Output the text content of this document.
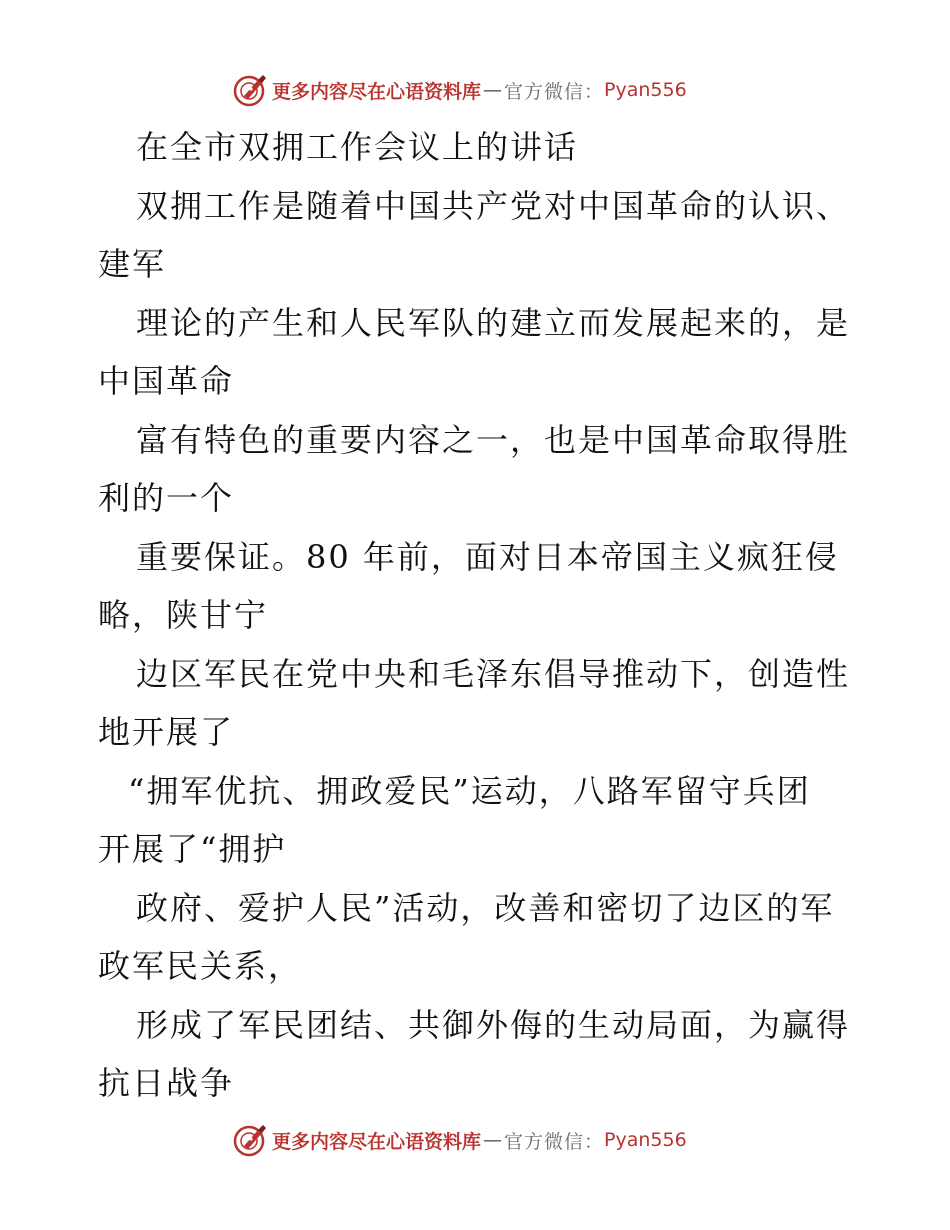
更多内容尽在心语资料库 — 官方微信： Pyan556
在全市双拥工作会议上的讲话
双拥工作是随着中国共产党对中国革命的认识、
建军
理论的产生和人民军队的建立而发展起来的，是
中国革命
富有特色的重要内容之一，也是中国革命取得胜
利的一个
重要保证。80 年前，面对日本帝国主义疯狂侵
略，陕甘宁
边区军民在党中央和毛泽东倡导推动下，创造性
地开展了
“拥军优抗、拥政爱民”运动，八路军留守兵团
开展了“拥护
政府、爱护人民”活动，改善和密切了边区的军
政军民关系，
形成了军民团结、共御外侮的生动局面，为赢得
抗日战争
更多内容尽在心语资料库 — 官方微信： Pyan556
